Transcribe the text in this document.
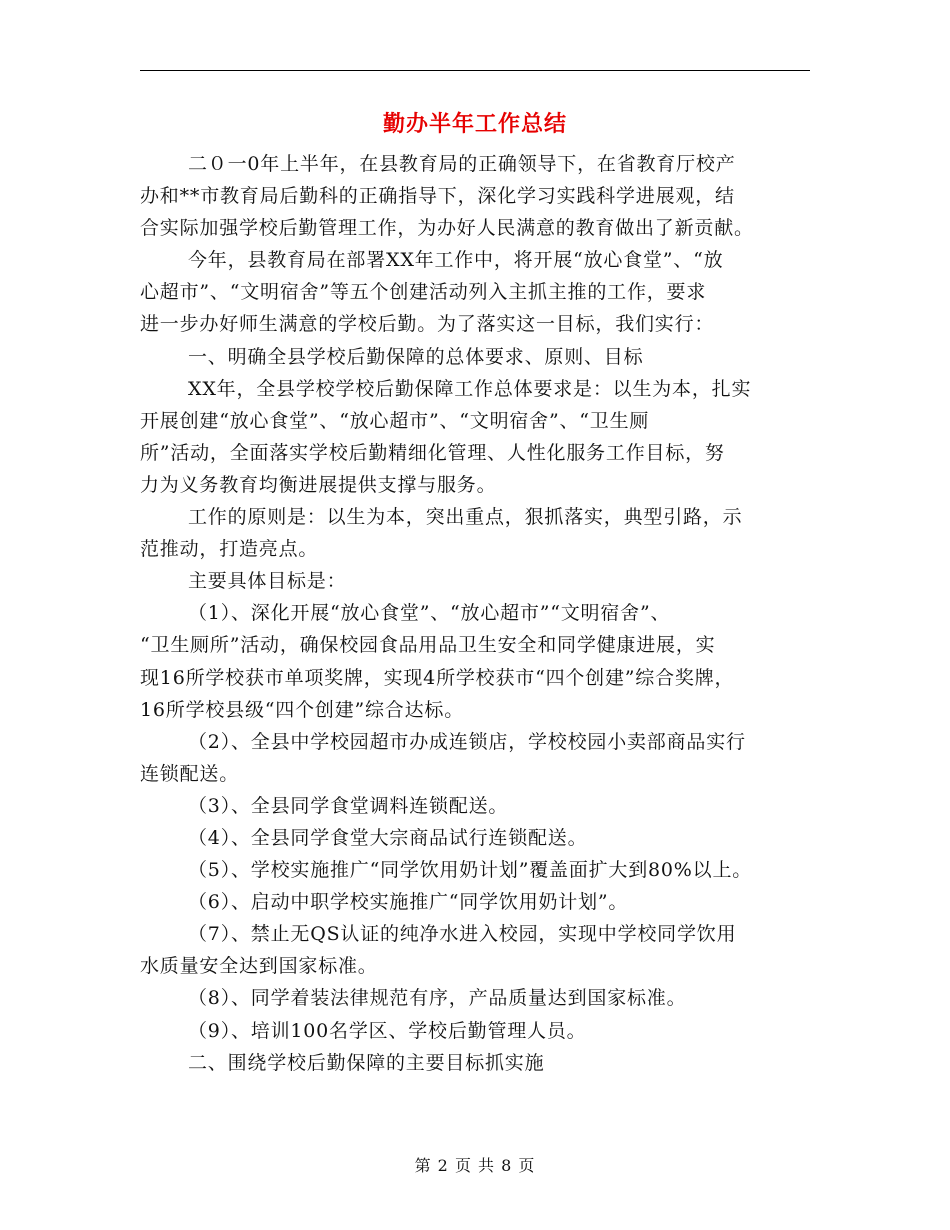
勤办半年工作总结
二０一0年上半年，在县教育局的正确领导下，在省教育厅校产
办和**市教育局后勤科的正确指导下，深化学习实践科学进展观，结
合实际加强学校后勤管理工作，为办好人民满意的教育做出了新贡献。
今年，县教育局在部署XX年工作中，将开展“放心食堂”、“放
心超市”、“文明宿舍”等五个创建活动列入主抓主推的工作，要求
进一步办好师生满意的学校后勤。为了落实这一目标，我们实行：
一、明确全县学校后勤保障的总体要求、原则、目标
XX年，全县学校学校后勤保障工作总体要求是：以生为本，扎实
开展创建“放心食堂”、“放心超市”、“文明宿舍”、“卫生厕
所”活动，全面落实学校后勤精细化管理、人性化服务工作目标，努
力为义务教育均衡进展提供支撑与服务。
工作的原则是：以生为本，突出重点，狠抓落实，典型引路，示
范推动，打造亮点。
主要具体目标是：
（1）、深化开展“放心食堂”、“放心超市”“文明宿舍”、
“卫生厕所”活动，确保校园食品用品卫生安全和同学健康进展，实
现16所学校获市单项奖牌，实现4所学校获市“四个创建”综合奖牌，
16所学校县级“四个创建”综合达标。
（2）、全县中学校园超市办成连锁店，学校校园小卖部商品实行
连锁配送。
（3）、全县同学食堂调料连锁配送。
（4）、全县同学食堂大宗商品试行连锁配送。
（5）、学校实施推广“同学饮用奶计划”覆盖面扩大到80%以上。
（6）、启动中职学校实施推广“同学饮用奶计划”。
（7）、禁止无QS认证的纯净水进入校园，实现中学校同学饮用
水质量安全达到国家标准。
（8）、同学着装法律规范有序，产品质量达到国家标准。
（9）、培训100名学区、学校后勤管理人员。
二、围绕学校后勤保障的主要目标抓实施
第 2 页 共 8 页
